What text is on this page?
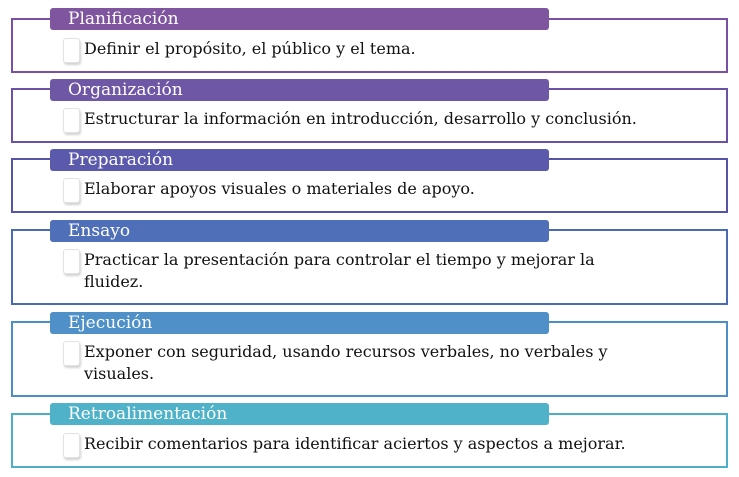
Planificación
Definir el propósito, el público y el tema.
Organización
Estructurar la información en introducción, desarrollo y conclusión.
Preparación
Elaborar apoyos visuales o materiales de apoyo.
Ensayo
Practicar la presentación para controlar el tiempo y mejorar la fluidez.
Ejecución
Exponer con seguridad, usando recursos verbales, no verbales y visuales.
Retroalimentación
Recibir comentarios para identificar aciertos y aspectos a mejorar.
